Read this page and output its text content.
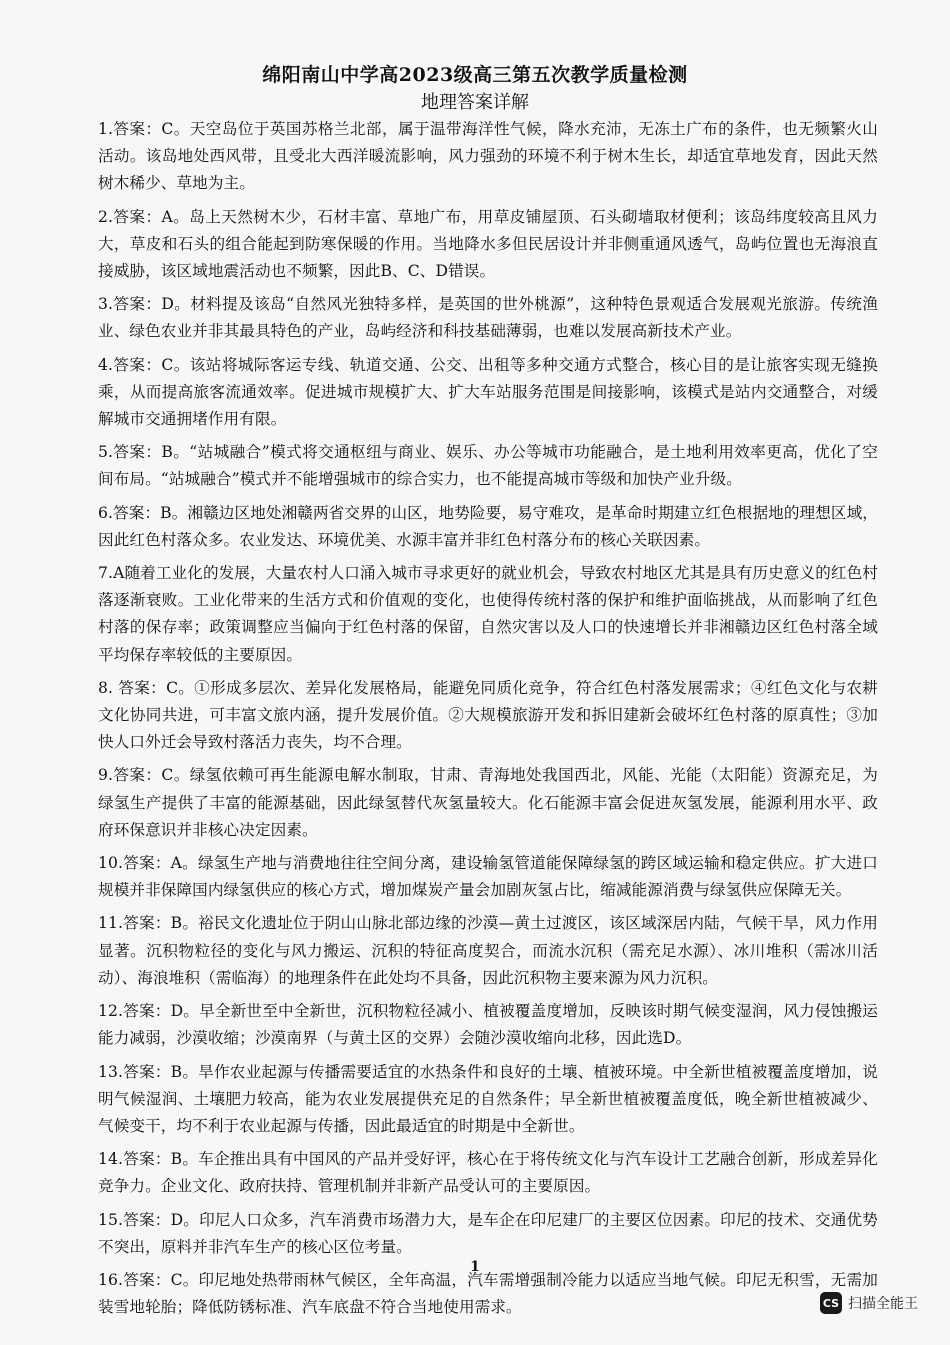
绵阳南山中学高2023级高三第五次教学质量检测
地理答案详解

1.答案：C。天空岛位于英国苏格兰北部，属于温带海洋性气候，降水充沛，无冻土广布的条件，也无频繁火山活动。该岛地处西风带，且受北大西洋暖流影响，风力强劲的环境不利于树木生长，却适宜草地发育，因此天然树木稀少、草地为主。

2.答案：A。岛上天然树木少，石材丰富、草地广布，用草皮铺屋顶、石头砌墙取材便利；该岛纬度较高且风力大，草皮和石头的组合能起到防寒保暖的作用。当地降水多但民居设计并非侧重通风透气，岛屿位置也无海浪直接威胁，该区域地震活动也不频繁，因此B、C、D错误。

3.答案：D。材料提及该岛“自然风光独特多样，是英国的世外桃源”，这种特色景观适合发展观光旅游。传统渔业、绿色农业并非其最具特色的产业，岛屿经济和科技基础薄弱，也难以发展高新技术产业。

4.答案：C。该站将城际客运专线、轨道交通、公交、出租等多种交通方式整合，核心目的是让旅客实现无缝换乘，从而提高旅客流通效率。促进城市规模扩大、扩大车站服务范围是间接影响，该模式是站内交通整合，对缓解城市交通拥堵作用有限。

5.答案：B。“站城融合”模式将交通枢纽与商业、娱乐、办公等城市功能融合，是土地利用效率更高，优化了空间布局。“站城融合”模式并不能增强城市的综合实力，也不能提高城市等级和加快产业升级。

6.答案：B。湘赣边区地处湘赣两省交界的山区，地势险要，易守难攻，是革命时期建立红色根据地的理想区域，因此红色村落众多。农业发达、环境优美、水源丰富并非红色村落分布的核心关联因素。

7.A随着工业化的发展，大量农村人口涌入城市寻求更好的就业机会，导致农村地区尤其是具有历史意义的红色村落逐渐衰败。工业化带来的生活方式和价值观的变化，也使得传统村落的保护和维护面临挑战，从而影响了红色村落的保存率；政策调整应当偏向于红色村落的保留，自然灾害以及人口的快速增长并非湘赣边区红色村落全域平均保存率较低的主要原因。

8. 答案：C。①形成多层次、差异化发展格局，能避免同质化竞争，符合红色村落发展需求；④红色文化与农耕文化协同共进，可丰富文旅内涵，提升发展价值。②大规模旅游开发和拆旧建新会破坏红色村落的原真性；③加快人口外迁会导致村落活力丧失，均不合理。

9.答案：C。绿氢依赖可再生能源电解水制取，甘肃、青海地处我国西北，风能、光能（太阳能）资源充足，为绿氢生产提供了丰富的能源基础，因此绿氢替代灰氢量较大。化石能源丰富会促进灰氢发展，能源利用水平、政府环保意识并非核心决定因素。

10.答案：A。绿氢生产地与消费地往往空间分离，建设输氢管道能保障绿氢的跨区域运输和稳定供应。扩大进口规模并非保障国内绿氢供应的核心方式，增加煤炭产量会加剧灰氢占比，缩减能源消费与绿氢供应保障无关。

11.答案：B。裕民文化遗址位于阴山山脉北部边缘的沙漠—黄土过渡区，该区域深居内陆，气候干旱，风力作用显著。沉积物粒径的变化与风力搬运、沉积的特征高度契合，而流水沉积（需充足水源）、冰川堆积（需冰川活动）、海浪堆积（需临海）的地理条件在此处均不具备，因此沉积物主要来源为风力沉积。

12.答案：D。早全新世至中全新世，沉积物粒径减小、植被覆盖度增加，反映该时期气候变湿润，风力侵蚀搬运能力减弱，沙漠收缩；沙漠南界（与黄土区的交界）会随沙漠收缩向北移，因此选D。

13.答案：B。旱作农业起源与传播需要适宜的水热条件和良好的土壤、植被环境。中全新世植被覆盖度增加，说明气候湿润、土壤肥力较高，能为农业发展提供充足的自然条件；早全新世植被覆盖度低，晚全新世植被减少、气候变干，均不利于农业起源与传播，因此最适宜的时期是中全新世。

14.答案：B。车企推出具有中国风的产品并受好评，核心在于将传统文化与汽车设计工艺融合创新，形成差异化竞争力。企业文化、政府扶持、管理机制并非新产品受认可的主要原因。

15.答案：D。印尼人口众多，汽车消费市场潜力大，是车企在印尼建厂的主要区位因素。印尼的技术、交通优势不突出，原料并非汽车生产的核心区位考量。

16.答案：C。印尼地处热带雨林气候区，全年高温，汽车需增强制冷能力以适应当地气候。印尼无积雪，无需加装雪地轮胎；降低防锈标准、汽车底盘不符合当地使用需求。

1
CS 扫描全能王
